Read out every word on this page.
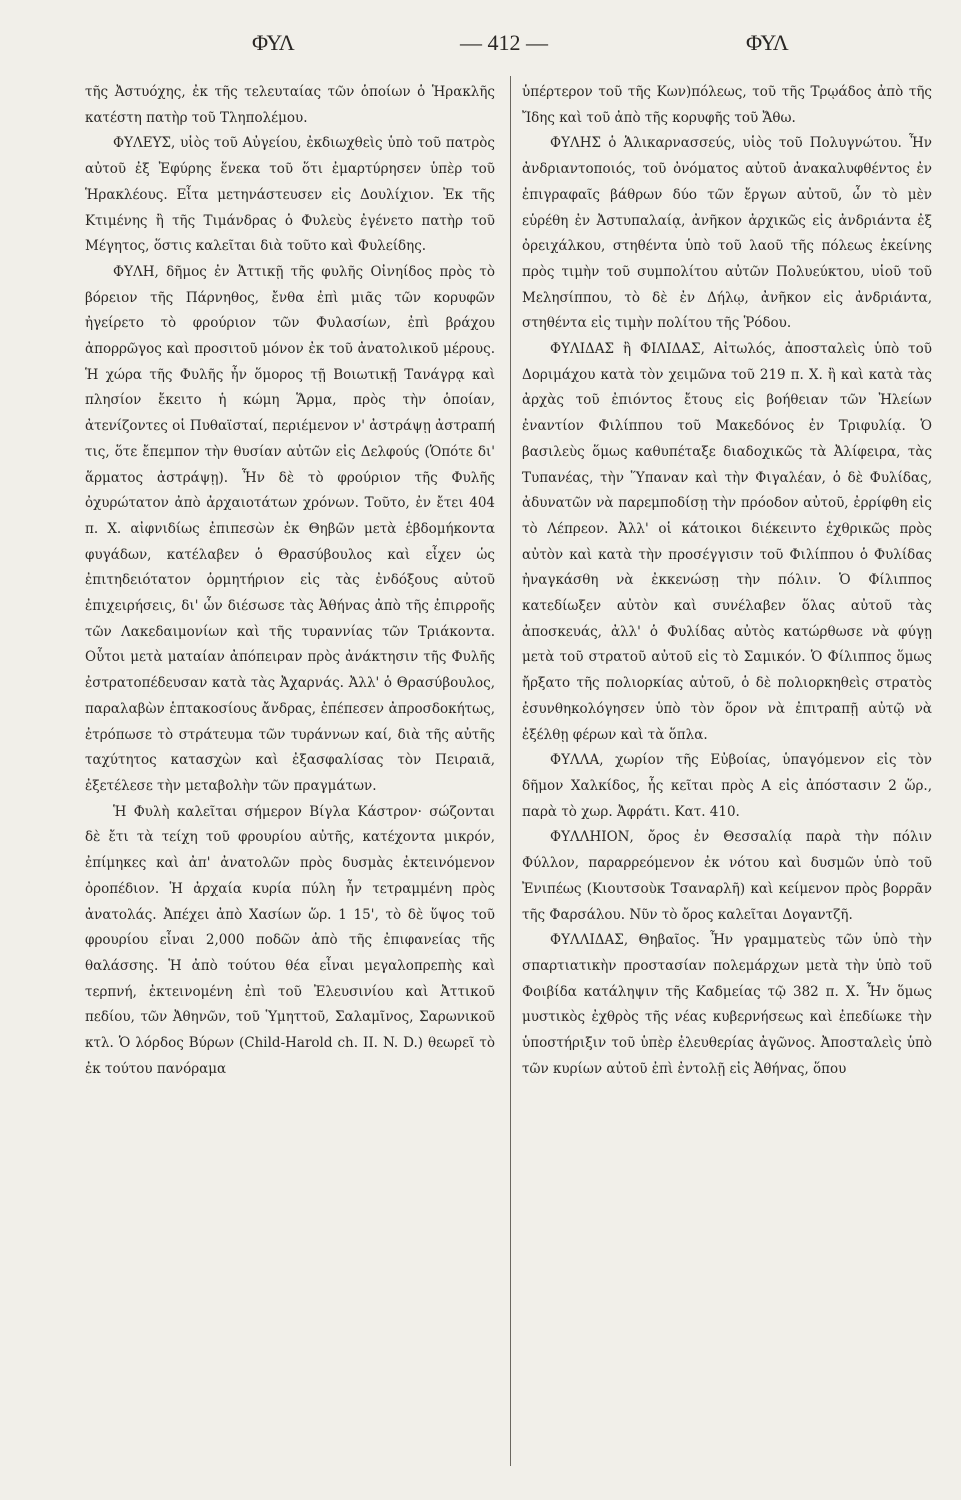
ΦΥΛ	— 412 —	ΦΥΛ

τῆς Ἀστυόχης, ἐκ τῆς τελευταίας τῶν ὁποίων ὁ Ἡρακλῆς κατέστη πατὴρ τοῦ Τληπολέμου.

ΦΥΛΕΥΣ, υἱὸς τοῦ Αὐγείου, ἐκδιωχθεὶς ὑπὸ τοῦ πατρὸς αὐτοῦ ἐξ Ἐφύρης ἕνεκα τοῦ ὅτι ἐμαρτύρησεν ὑπὲρ τοῦ Ἡρακλέους. Εἶτα μετηνάστευσεν εἰς Δουλίχιον. Ἐκ τῆς Κτιμένης ἢ τῆς Τιμάνδρας ὁ Φυλεὺς ἐγένετο πατὴρ τοῦ Μέγητος, ὅστις καλεῖται διὰ τοῦτο καὶ Φυλείδης.

ΦΥΛΗ, δῆμος ἐν Ἀττικῇ τῆς φυλῆς Οἰνηίδος πρὸς τὸ βόρειον τῆς Πάρνηθος, ἔνθα ἐπὶ μιᾶς τῶν κορυφῶν ἠγείρετο τὸ φρούριον τῶν Φυλασίων, ἐπὶ βράχου ἀπορρῶγος καὶ προσιτοῦ μόνον ἐκ τοῦ ἀνατολικοῦ μέρους. Ἡ χώρα τῆς Φυλῆς ἦν ὅμορος τῇ Βοιωτικῇ Τανάγρᾳ καὶ πλησίον ἔκειτο ἡ κώμη Ἅρμα, πρὸς τὴν ὁποίαν, ἀτενίζοντες οἱ Πυθαϊσταί, περιέμενον ν' ἀστράψῃ ἀστραπή τις, ὅτε ἔπεμπον τὴν θυσίαν αὐτῶν εἰς Δελφούς (Ὁπότε δι' ἅρματος ἀστράψῃ). Ἦν δὲ τὸ φρούριον τῆς Φυλῆς ὀχυρώτατον ἀπὸ ἀρχαιοτάτων χρόνων. Τοῦτο, ἐν ἔτει 404 π. Χ. αἰφνιδίως ἐπιπεσὼν ἐκ Θηβῶν μετὰ ἑβδομήκοντα φυγάδων, κατέλαβεν ὁ Θρασύβουλος καὶ εἶχεν ὡς ἐπιτηδειότατον ὁρμητήριον εἰς τὰς ἐνδόξους αὐτοῦ ἐπιχειρήσεις, δι' ὧν διέσωσε τὰς Ἀθήνας ἀπὸ τῆς ἐπιρροῆς τῶν Λακεδαιμονίων καὶ τῆς τυραννίας τῶν Τριάκοντα. Οὗτοι μετὰ ματαίαν ἀπόπειραν πρὸς ἀνάκτησιν τῆς Φυλῆς ἐστρατοπέδευσαν κατὰ τὰς Ἀχαρνάς. Ἀλλ' ὁ Θρασύβουλος, παραλαβὼν ἑπτακοσίους ἄνδρας, ἐπέπεσεν ἀπροσδοκήτως, ἐτρόπωσε τὸ στράτευμα τῶν τυράννων καί, διὰ τῆς αὐτῆς ταχύτητος κατασχὼν καὶ ἐξασφαλίσας τὸν Πειραιᾶ, ἐξετέλεσε τὴν μεταβολὴν τῶν πραγμάτων.

Ἡ Φυλὴ καλεῖται σήμερον Βίγλα Κάστρον· σώζονται δὲ ἔτι τὰ τείχη τοῦ φρουρίου αὐτῆς, κατέχοντα μικρόν, ἐπίμηκες καὶ ἀπ' ἀνατολῶν πρὸς δυσμὰς ἐκτεινόμενον ὀροπέδιον. Ἡ ἀρχαία κυρία πύλη ἦν τετραμμένη πρὸς ἀνατολάς. Ἀπέχει ἀπὸ Χασίων ὥρ. 1 15', τὸ δὲ ὕψος τοῦ φρουρίου εἶναι 2,000 ποδῶν ἀπὸ τῆς ἐπιφανείας τῆς θαλάσσης. Ἡ ἀπὸ τούτου θέα εἶναι μεγαλοπρεπὴς καὶ τερπνή, ἐκτεινομένη ἐπὶ τοῦ Ἐλευσινίου καὶ Ἀττικοῦ πεδίου, τῶν Ἀθηνῶν, τοῦ Ὑμηττοῦ, Σαλαμῖνος, Σαρωνικοῦ κτλ. Ὁ λόρδος Βύρων (Child-Harold ch. II. N. D.) θεωρεῖ τὸ ἐκ τούτου πανόραμα

ὑπέρτερον τοῦ τῆς Κων)πόλεως, τοῦ τῆς Τρῳάδος ἀπὸ τῆς Ἴδης καὶ τοῦ ἀπὸ τῆς κορυφῆς τοῦ Ἄθω.

ΦΥΛΗΣ ὁ Ἁλικαρνασσεύς, υἱὸς τοῦ Πολυγνώτου. Ἦν ἀνδριαντοποιός, τοῦ ὀνόματος αὐτοῦ ἀνακαλυφθέντος ἐν ἐπιγραφαῖς βάθρων δύο τῶν ἔργων αὐτοῦ, ὧν τὸ μὲν εὑρέθη ἐν Ἀστυπαλαίᾳ, ἀνῆκον ἀρχικῶς εἰς ἀνδριάντα ἐξ ὀρειχάλκου, στηθέντα ὑπὸ τοῦ λαοῦ τῆς πόλεως ἐκείνης πρὸς τιμὴν τοῦ συμπολίτου αὐτῶν Πολυεύκτου, υἱοῦ τοῦ Μελησίππου, τὸ δὲ ἐν Δήλῳ, ἀνῆκον εἰς ἀνδριάντα, στηθέντα εἰς τιμὴν πολίτου τῆς Ῥόδου.

ΦΥΛΙΔΑΣ ἢ ΦΙΛΙΔΑΣ, Αἰτωλός, ἀποσταλεὶς ὑπὸ τοῦ Δοριμάχου κατὰ τὸν χειμῶνα τοῦ 219 π. Χ. ἢ καὶ κατὰ τὰς ἀρχὰς τοῦ ἐπιόντος ἔτους εἰς βοήθειαν τῶν Ἠλείων ἐναντίον Φιλίππου τοῦ Μακεδόνος ἐν Τριφυλίᾳ. Ὁ βασιλεὺς ὅμως καθυπέταξε διαδοχικῶς τὰ Ἀλίφειρα, τὰς Τυπανέας, τὴν Ὕπαναν καὶ τὴν Φιγαλέαν, ὁ δὲ Φυλίδας, ἀδυνατῶν νὰ παρεμποδίσῃ τὴν πρόοδον αὐτοῦ, ἐρρίφθη εἰς τὸ Λέπρεον. Ἀλλ' οἱ κάτοικοι διέκειντο ἐχθρικῶς πρὸς αὐτὸν καὶ κατὰ τὴν προσέγγισιν τοῦ Φιλίππου ὁ Φυλίδας ἠναγκάσθη νὰ ἐκκενώσῃ τὴν πόλιν. Ὁ Φίλιππος κατεδίωξεν αὐτὸν καὶ συνέλαβεν ὅλας αὐτοῦ τὰς ἀποσκευάς, ἀλλ' ὁ Φυλίδας αὐτὸς κατώρθωσε νὰ φύγῃ μετὰ τοῦ στρατοῦ αὐτοῦ εἰς τὸ Σαμικόν. Ὁ Φίλιππος ὅμως ἤρξατο τῆς πολιορκίας αὐτοῦ, ὁ δὲ πολιορκηθεὶς στρατὸς ἐσυνθηκολόγησεν ὑπὸ τὸν ὅρον νὰ ἐπιτραπῇ αὐτῷ νὰ ἐξέλθῃ φέρων καὶ τὰ ὅπλα.

ΦΥΛΛΑ, χωρίον τῆς Εὐβοίας, ὑπαγόμενον εἰς τὸν δῆμον Χαλκίδος, ἧς κεῖται πρὸς Α εἰς ἀπόστασιν 2 ὥρ., παρὰ τὸ χωρ. Ἀφράτι. Κατ. 410.

ΦΥΛΛΗΙΟΝ, ὄρος ἐν Θεσσαλίᾳ παρὰ τὴν πόλιν Φύλλον, παραρρεόμενον ἐκ νότου καὶ δυσμῶν ὑπὸ τοῦ Ἐνιπέως (Κιουτσοὺκ Τσαναρλῆ) καὶ κείμενον πρὸς βορρᾶν τῆς Φαρσάλου. Νῦν τὸ ὄρος καλεῖται Δογαντζῆ.

ΦΥΛΛΙΔΑΣ, Θηβαῖος. Ἦν γραμματεὺς τῶν ὑπὸ τὴν σπαρτιατικὴν προστασίαν πολεμάρχων μετὰ τὴν ὑπὸ τοῦ Φοιβίδα κατάληψιν τῆς Καδμείας τῷ 382 π. Χ. Ἦν ὅμως μυστικὸς ἐχθρὸς τῆς νέας κυβερνήσεως καὶ ἐπεδίωκε τὴν ὑποστήριξιν τοῦ ὑπὲρ ἐλευθερίας ἀγῶνος. Ἀποσταλεὶς ὑπὸ τῶν κυρίων αὐτοῦ ἐπὶ ἐντολῇ εἰς Ἀθήνας, ὅπου
